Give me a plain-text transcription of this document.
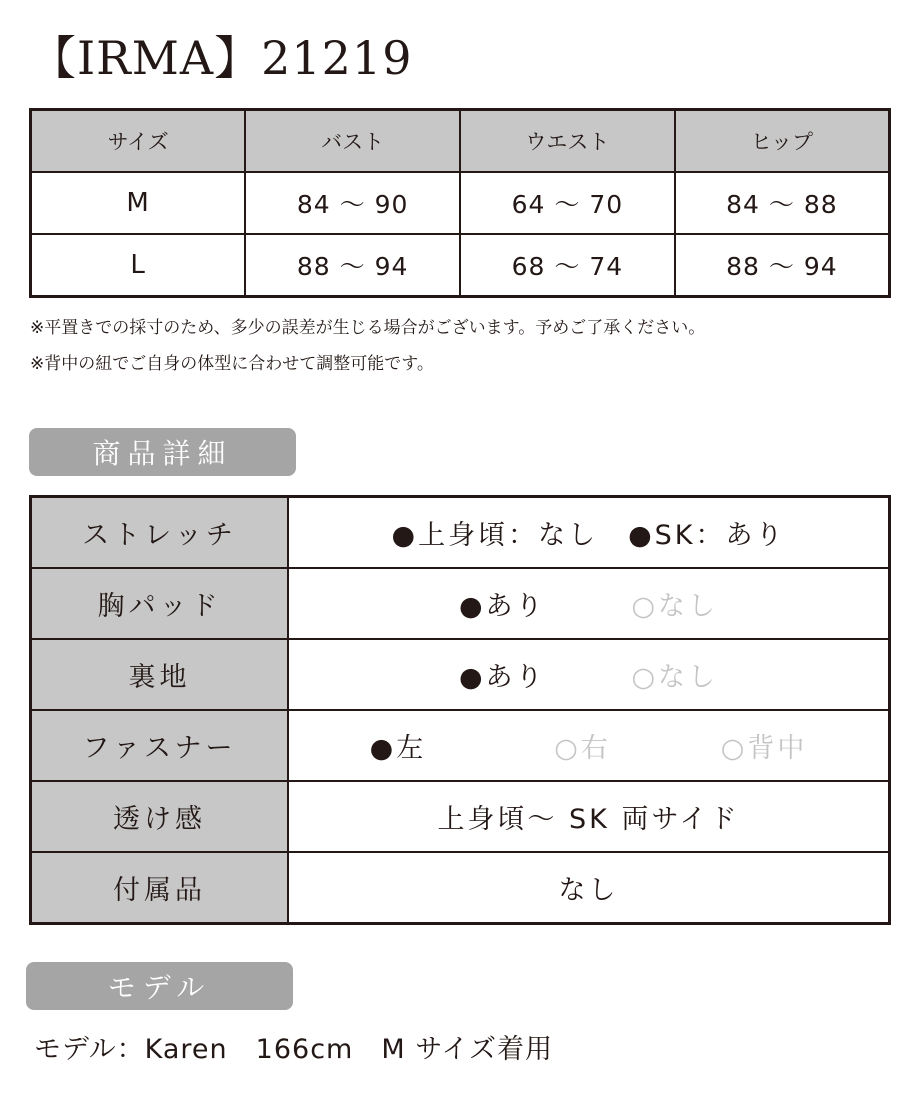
【IRMA】21219
サイズ	バスト	ウエスト	ヒップ
M	84 ～ 90	64 ～ 70	84 ～ 88
L	88 ～ 94	68 ～ 74	88 ～ 94
※平置きでの採寸のため、多少の誤差が生じる場合がございます。予めご了承ください。
※背中の紐でご自身の体型に合わせて調整可能です。
商品詳細
ストレッチ	●上身頃：なし　●SK：あり
胸パッド	●あり ○なし

裏地	●あり ○なし

ファスナー	●左 ○右 ○背中

透け感	上身頃～ SK 両サイド
付属品	なし
モデル
モデル：Karen　166cm　M サイズ着用
